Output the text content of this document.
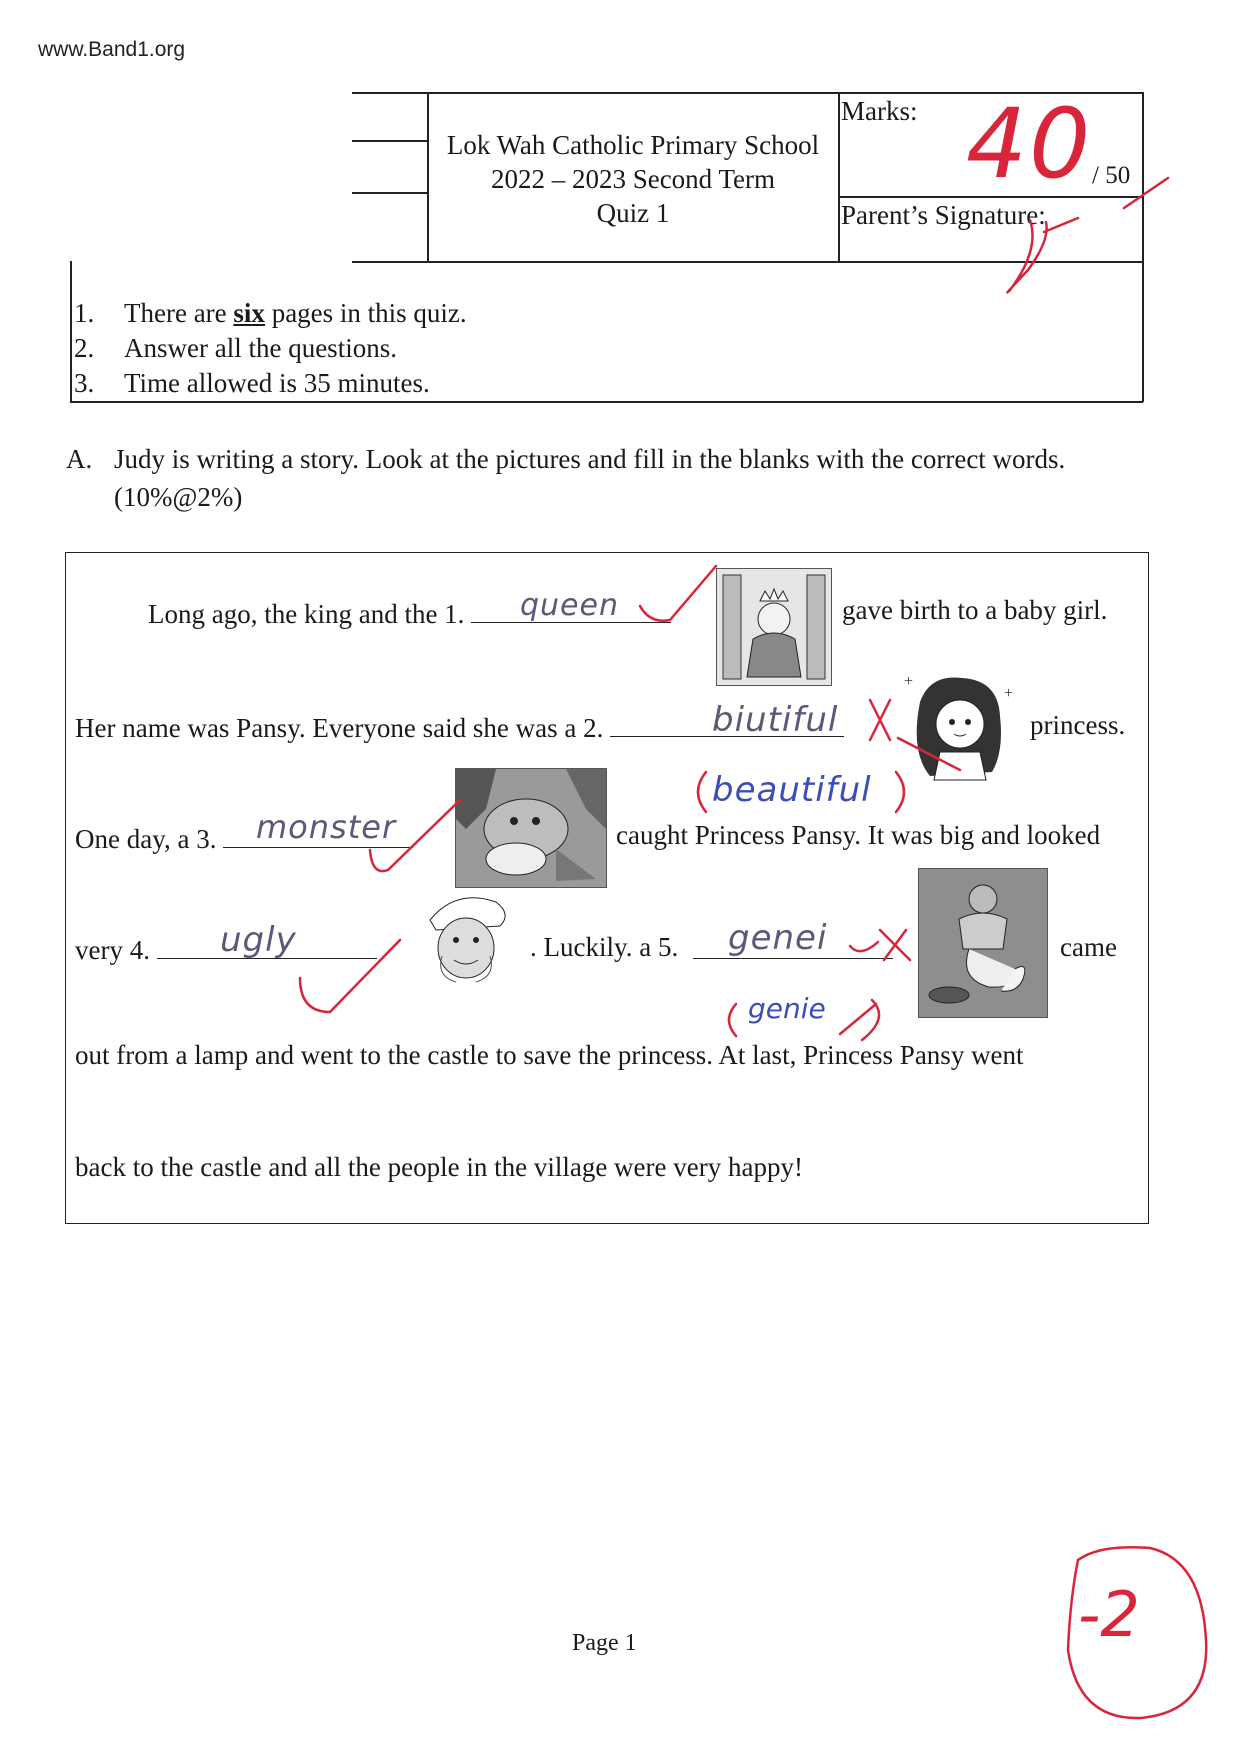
www.Band1.org
Lok Wah Catholic Primary School
2022 – 2023 Second Term
Quiz 1
Marks:
/ 50
40
Parent’s Signature:
1. There are six pages in this quiz.
2. Answer all the questions.
3. Time allowed is 35 minutes.
A. Judy is writing a story. Look at the pictures and fill in the blanks with the correct words.
(10%@2%)
Long ago, the king and the 1.	gave birth to a baby girl.
queen
Her name was Pansy. Everyone said she was a 2.	princess.
biutiful
beautiful
+
+
One day, a 3.	caught Princess Pansy. It was big and looked
monster
very 4.	ugly	. Luckily. a 5. genei
genie
came
out from a lamp and went to the castle to save the princess. At last, Princess Pansy went
back to the castle and all the people in the village were very happy!
-2
Page 1
